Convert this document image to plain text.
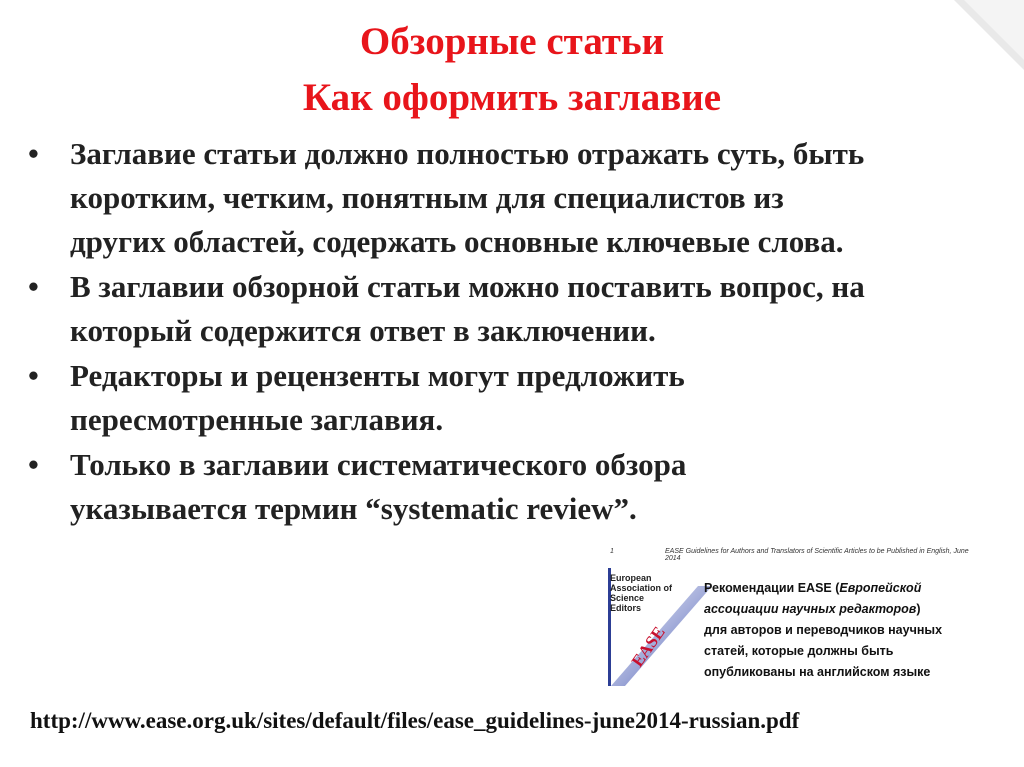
Обзорные статьи
Как оформить заглавие
• Заглавие статьи должно полностью отражать суть, быть
коротким, четким, понятным для специалистов из
других областей, содержать основные ключевые слова.
• В заглавии обзорной статьи можно поставить вопрос, на
который содержится ответ в заключении.
• Редакторы и рецензенты могут предложить
пересмотренные заглавия.
• Только в заглавии систематического обзора
указывается термин “systematic review”.
1	EASE Guidelines for Authors and Translators of Scientific Articles to be Published in English, June 2014
EASE
European
Association of
Science
Editors
Рекомендации EASE (Европейской
ассоциации научных редакторов)
для авторов и переводчиков научных
статей, которые должны быть
опубликованы на английском языке
http://www.ease.org.uk/sites/default/files/ease_guidelines-june2014-russian.pdf
